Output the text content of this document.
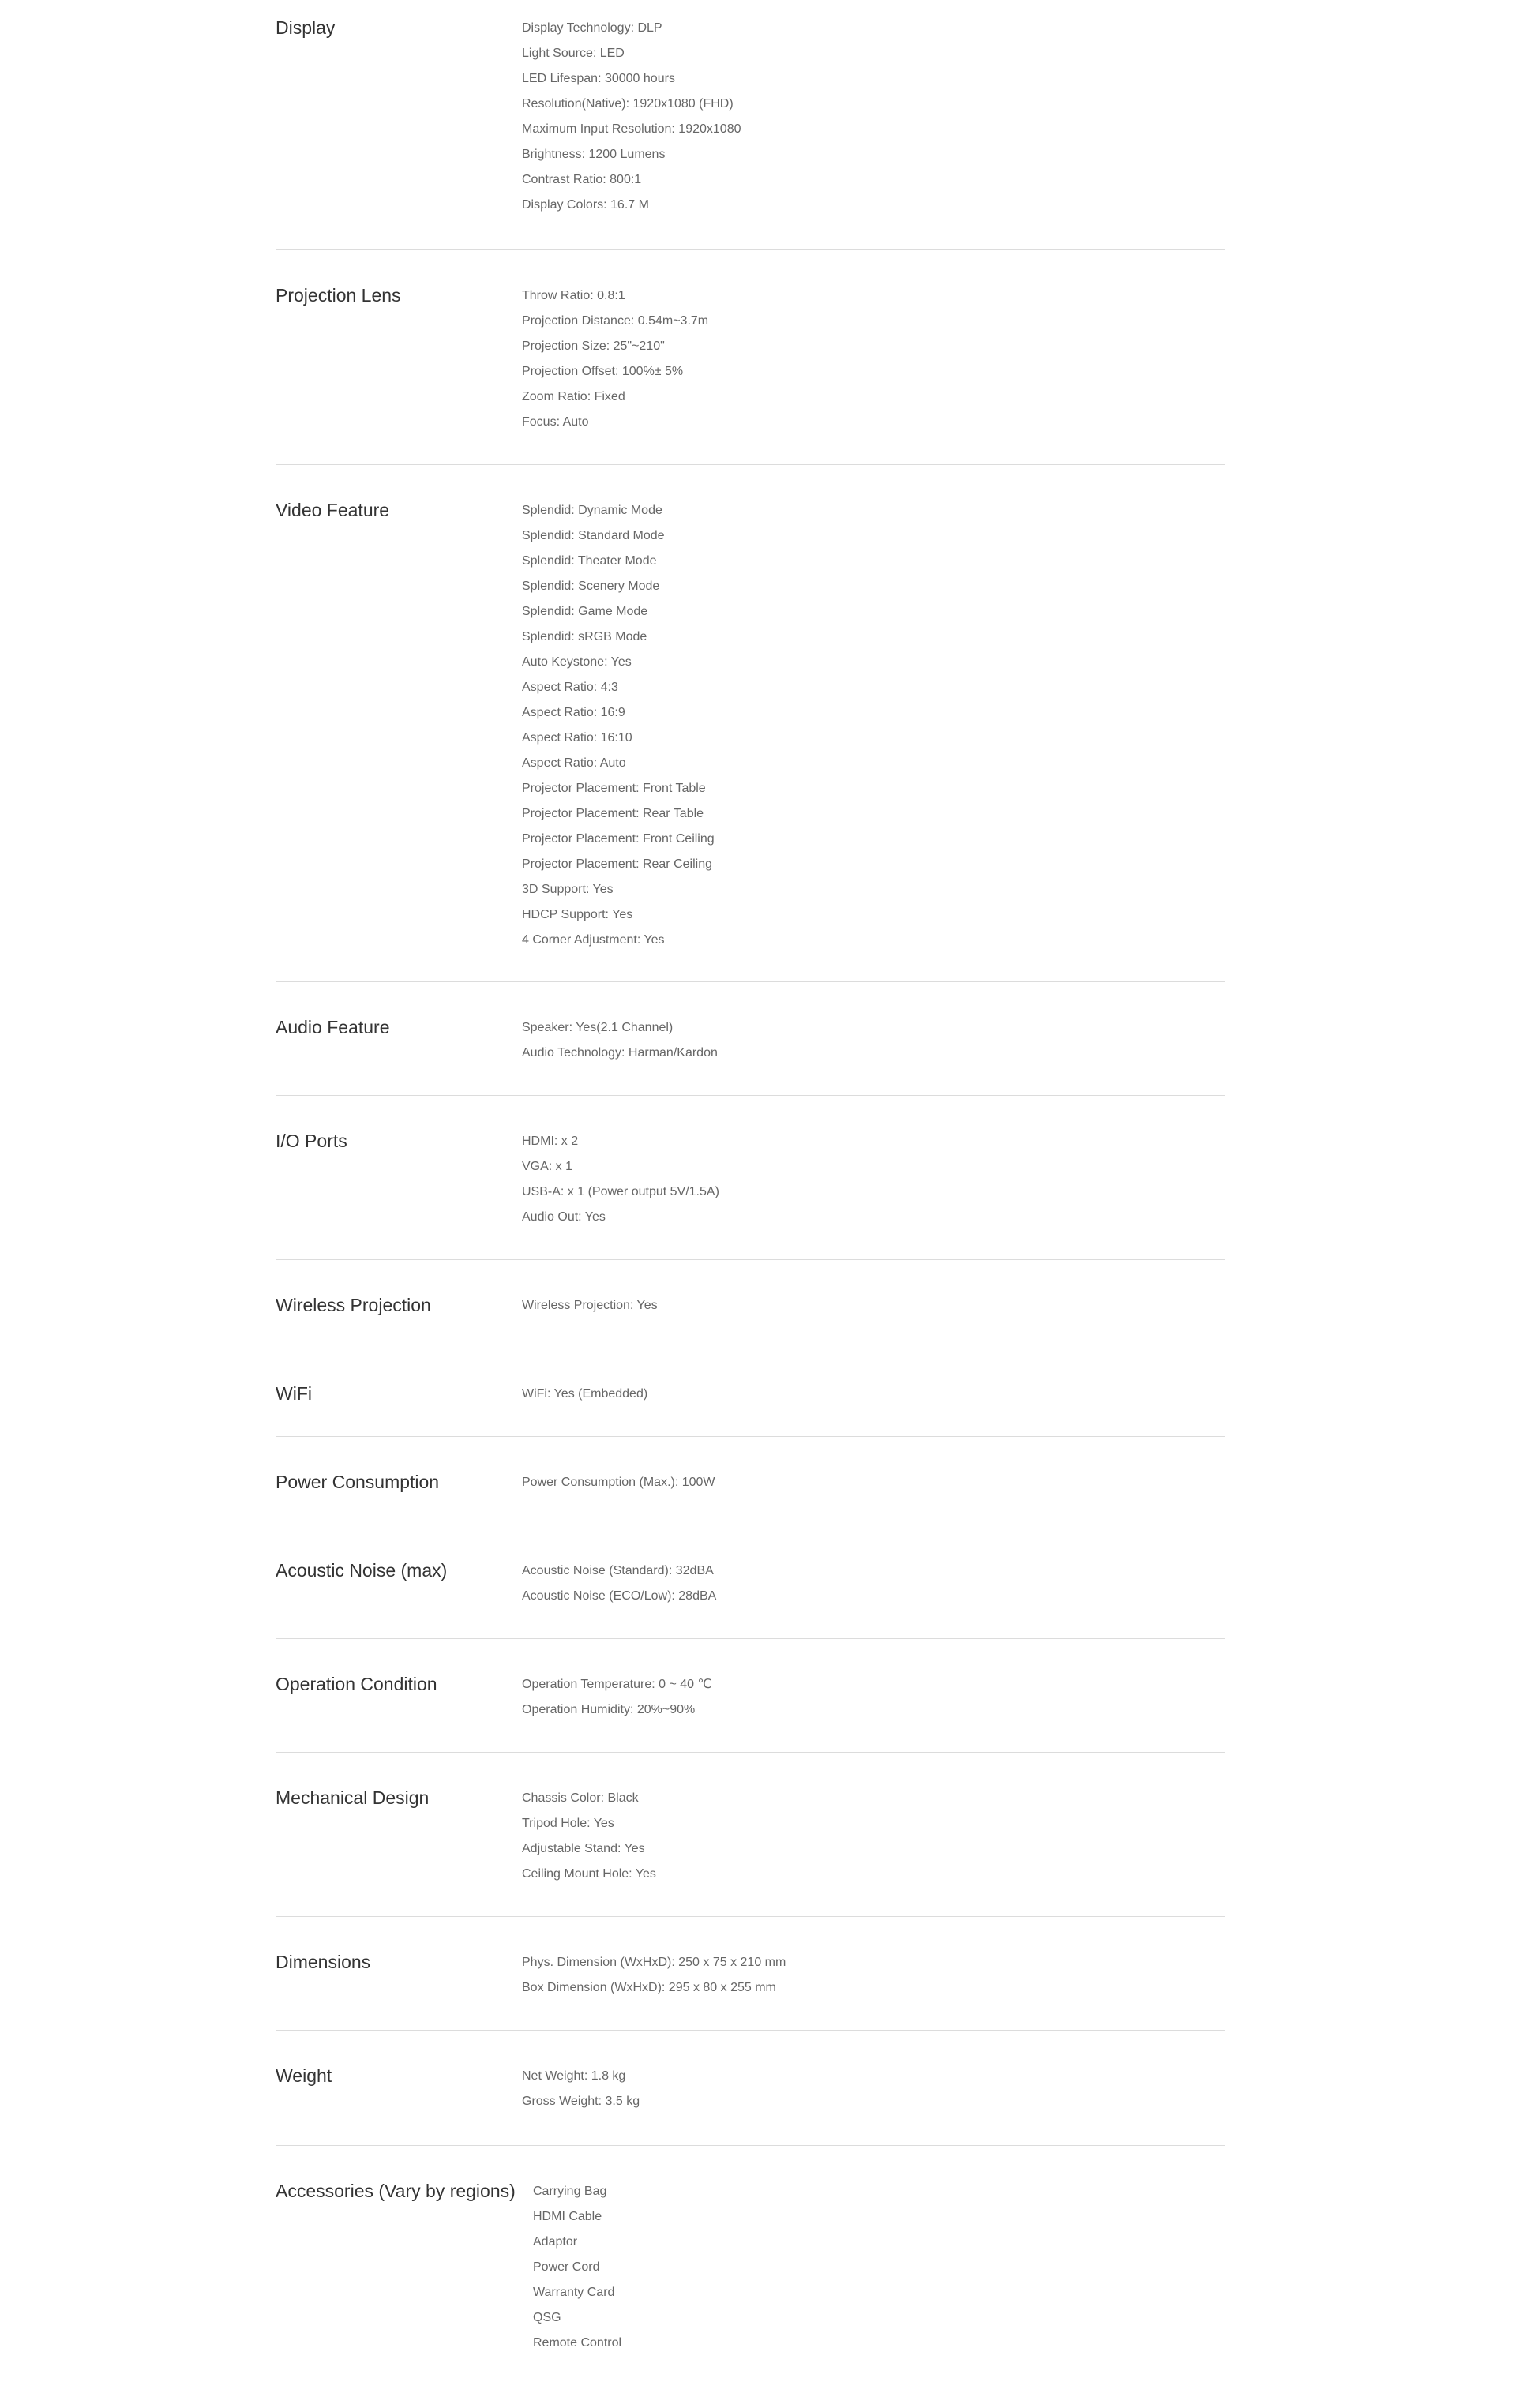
Display	Display Technology: DLP
Light Source: LED
LED Lifespan: 30000 hours
Resolution(Native): 1920x1080 (FHD)
Maximum Input Resolution: 1920x1080
Brightness: 1200 Lumens
Contrast Ratio: 800:1
Display Colors: 16.7 M
Projection Lens	Throw Ratio: 0.8:1
Projection Distance: 0.54m~3.7m
Projection Size: 25"~210"
Projection Offset: 100%± 5%
Zoom Ratio: Fixed
Focus: Auto
Video Feature	Splendid: Dynamic Mode
Splendid: Standard Mode
Splendid: Theater Mode
Splendid: Scenery Mode
Splendid: Game Mode
Splendid: sRGB Mode
Auto Keystone: Yes
Aspect Ratio: 4:3
Aspect Ratio: 16:9
Aspect Ratio: 16:10
Aspect Ratio: Auto
Projector Placement: Front Table
Projector Placement: Rear Table
Projector Placement: Front Ceiling
Projector Placement: Rear Ceiling
3D Support: Yes
HDCP Support: Yes
4 Corner Adjustment: Yes
Audio Feature	Speaker: Yes(2.1 Channel)
Audio Technology: Harman/Kardon
I/O Ports	HDMI: x 2
VGA: x 1
USB-A: x 1 (Power output 5V/1.5A)
Audio Out: Yes
Wireless Projection	Wireless Projection: Yes
WiFi	WiFi: Yes (Embedded)
Power Consumption	Power Consumption (Max.): 100W
Acoustic Noise (max)	Acoustic Noise (Standard): 32dBA
Acoustic Noise (ECO/Low): 28dBA
Operation Condition	Operation Temperature: 0 ~ 40 ℃
Operation Humidity: 20%~90%
Mechanical Design	Chassis Color: Black
Tripod Hole: Yes
Adjustable Stand: Yes
Ceiling Mount Hole: Yes
Dimensions	Phys. Dimension (WxHxD): 250 x 75 x 210 mm
Box Dimension (WxHxD): 295 x 80 x 255 mm
Weight	Net Weight: 1.8 kg
Gross Weight: 3.5 kg
Accessories (Vary by regions)	Carrying Bag
HDMI Cable
Adaptor
Power Cord
Warranty Card
QSG
Remote Control
